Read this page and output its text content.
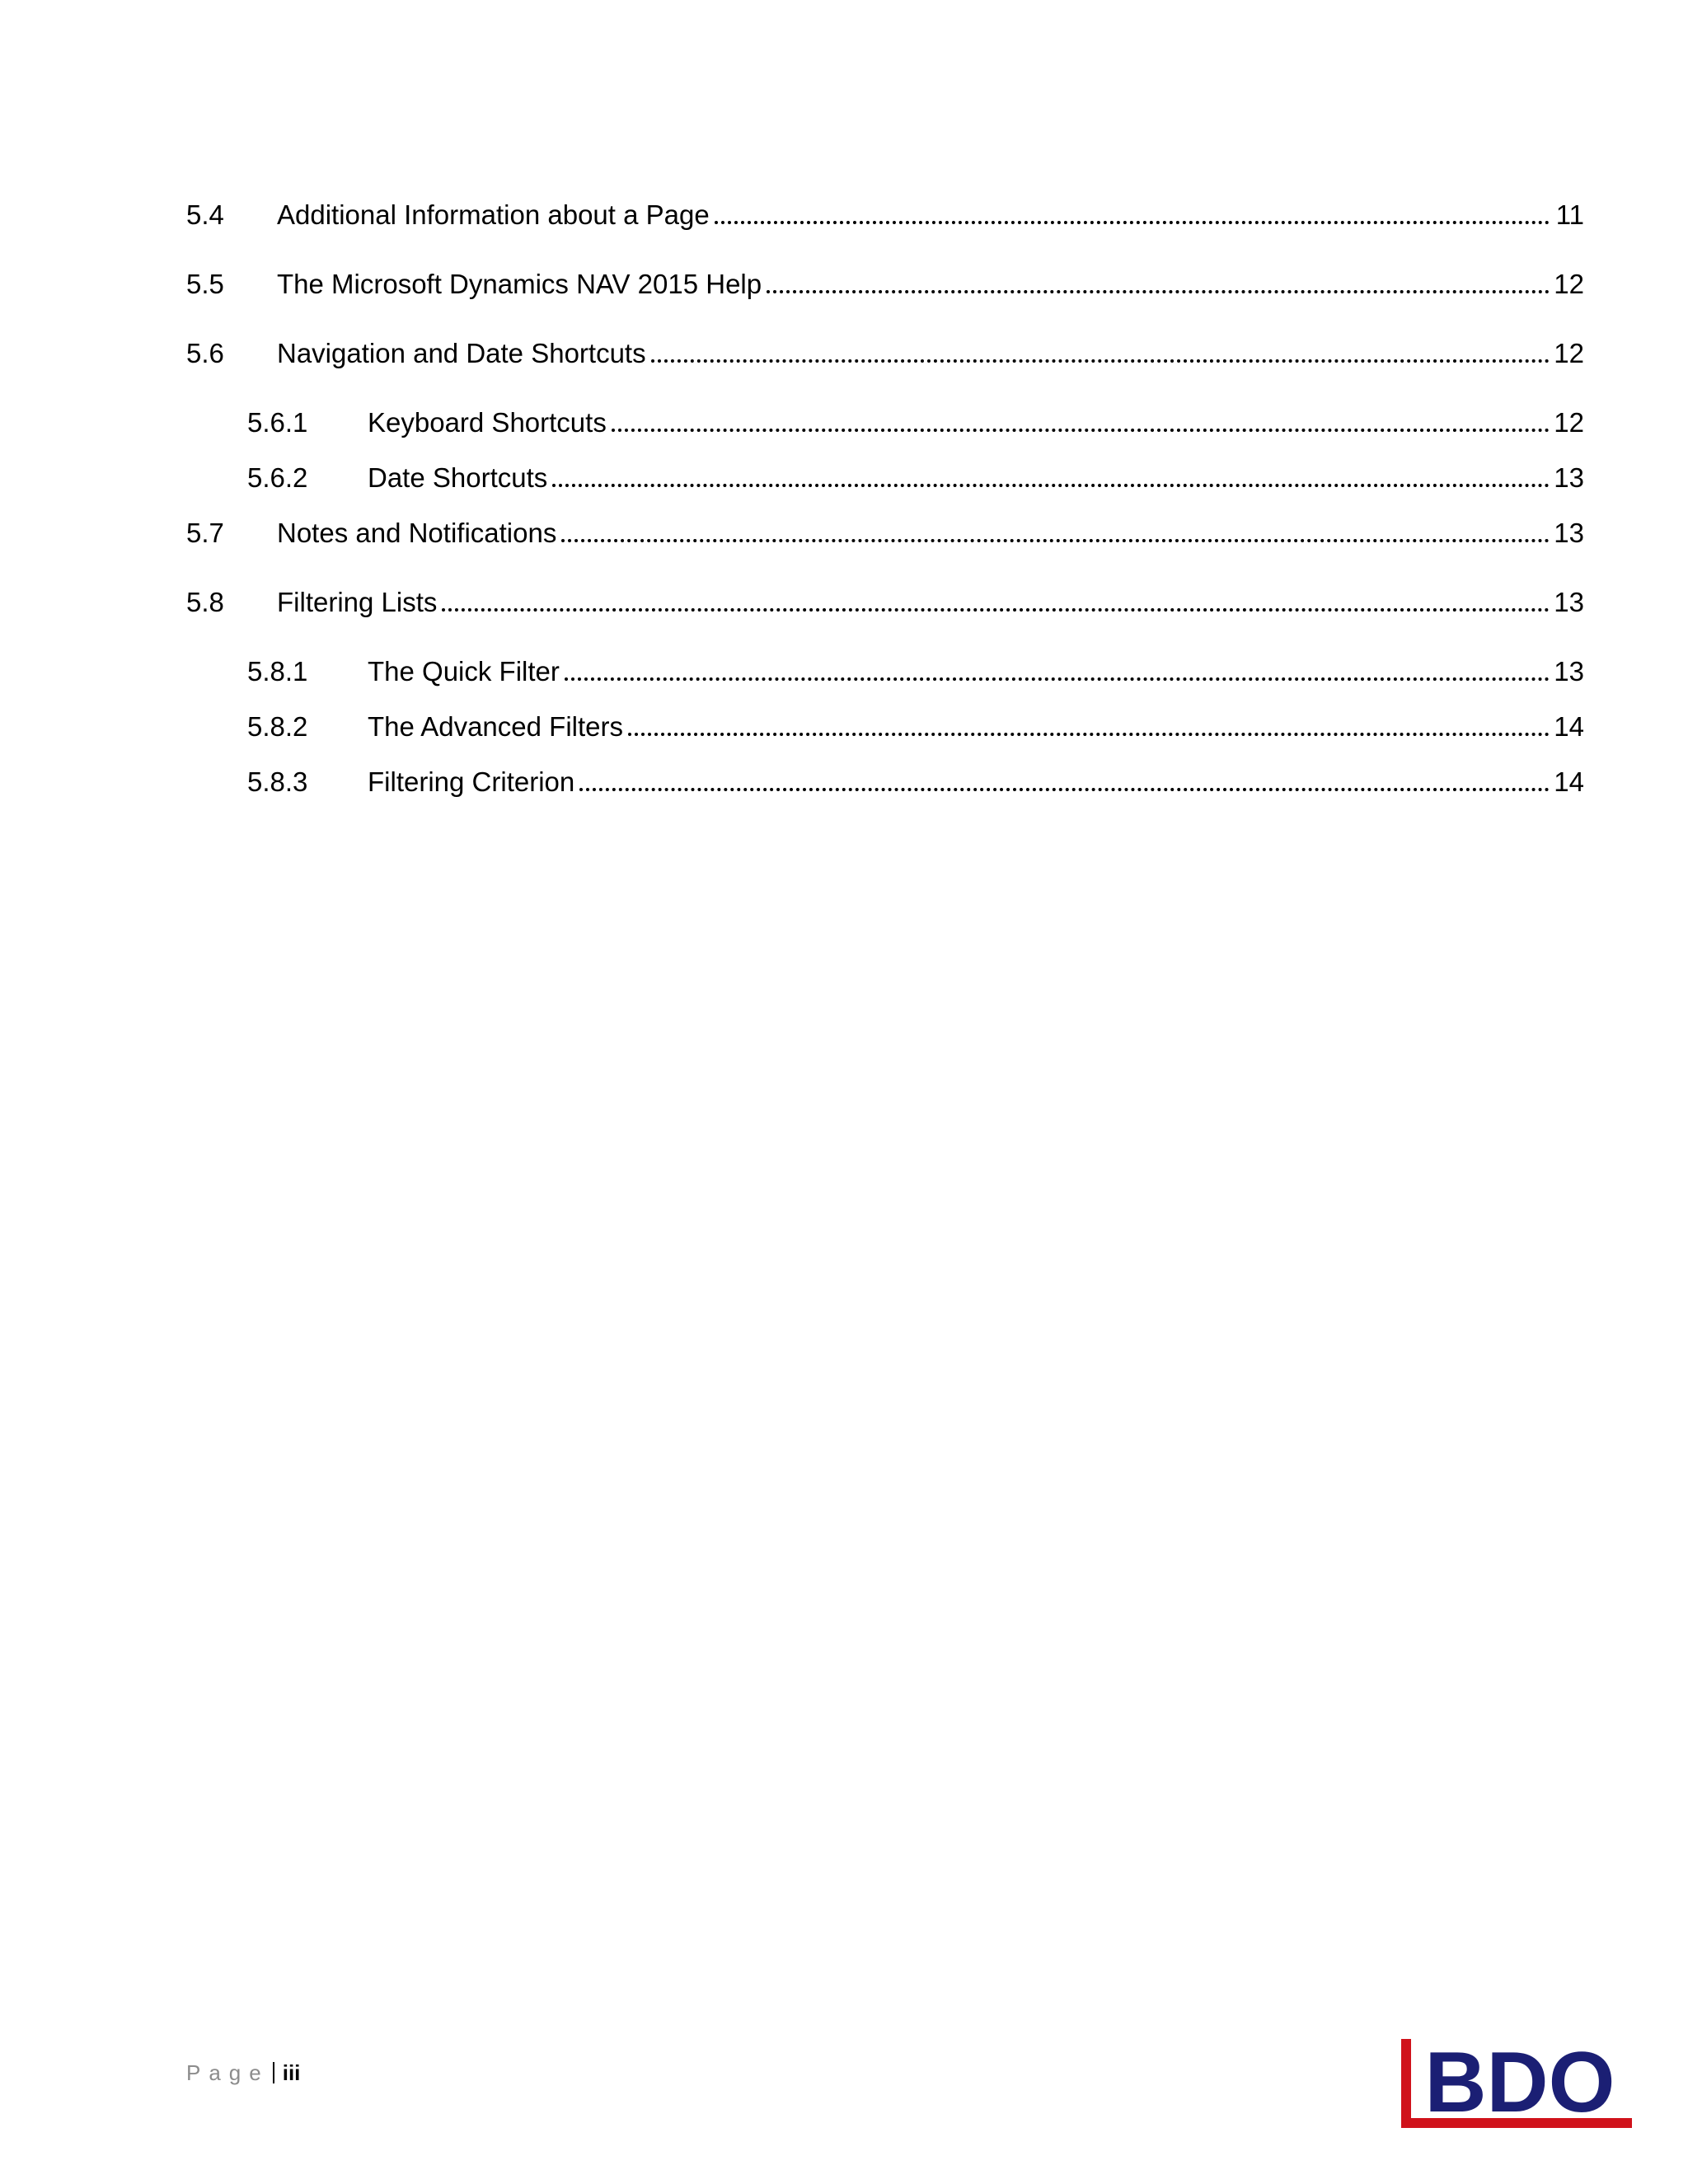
5.4 Additional Information about a Page	11
5.5 The Microsoft Dynamics NAV 2015 Help	12
5.6 Navigation and Date Shortcuts	12
5.6.1 Keyboard Shortcuts	12
5.6.2 Date Shortcuts	13
5.7 Notes and Notifications	13
5.8 Filtering Lists	13
5.8.1 The Quick Filter	13
5.8.2 The Advanced Filters	14
5.8.3 Filtering Criterion	14
Page iii	BDO
